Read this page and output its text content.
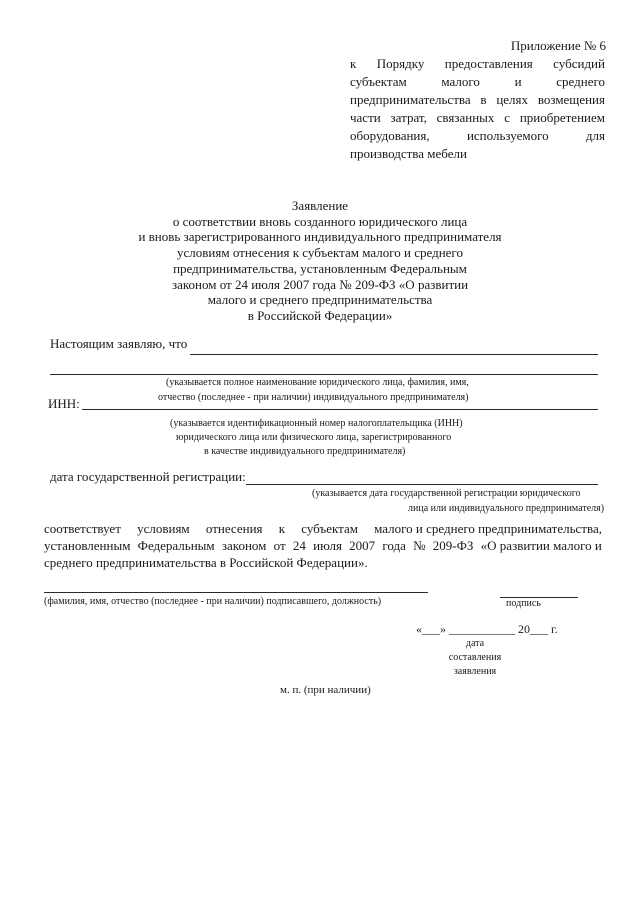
Приложение № 6
к Порядку предоставления субсидий
субъектам	малого	и	среднего
предпринимательства в целях возмещения
части затрат, связанных с приобретением
оборудования,	используемого	для
производства мебели
Заявление
о соответствии вновь созданного юридического лица
и вновь зарегистрированного индивидуального предпринимателя
условиям отнесения к субъектам малого и среднего
предпринимательства, установленным Федеральным
законом от 24 июля 2007 года № 209-ФЗ «О развитии
малого и среднего предпринимательства
в Российской Федерации»
Настоящим заявляю, что
(указывается полное наименование юридического лица, фамилия, имя,
отчество (последнее - при наличии) индивидуального предпринимателя)
ИНН:
(указывается идентификационный номер налогоплательщика (ИНН)
юридического лица или физического лица, зарегистрированного
в качестве индивидуального предпринимателя)
дата государственной регистрации:
(указывается дата государственной регистрации юридического
лица или индивидуального предпринимателя)
соответствует условиям отнесения к субъектам малого и среднего предпринимательства,
установленным Федеральным законом от 24 июля 2007 года № 209-ФЗ «О развитии малого и
среднего предпринимательства в Российской Федерации».
(фамилия, имя, отчество (последнее - при наличии) подписавшего, должность)	подпись
«___» ___________ 20___ г.
дата
составления
заявления
м. п. (при наличии)
